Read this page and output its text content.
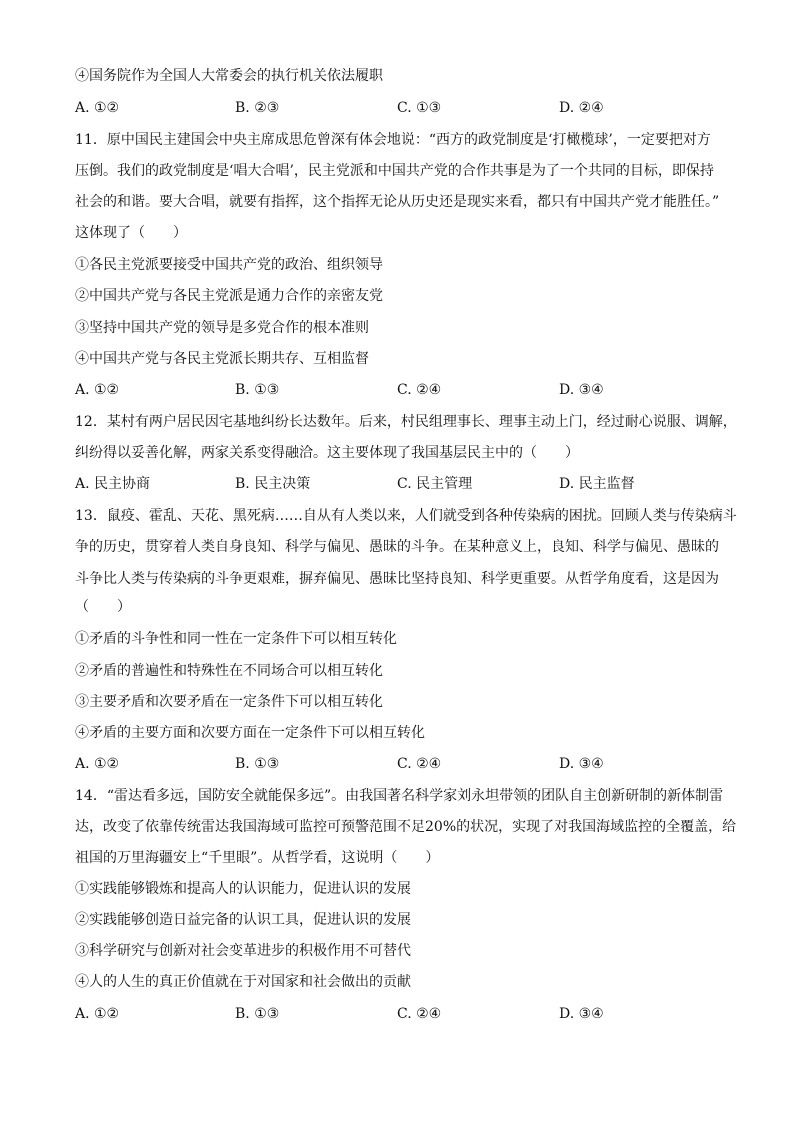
④国务院作为全国人大常委会的执行机关依法履职
A. ①②	B. ②③	C. ①③	D. ②④
11．原中国民主建国会中央主席成思危曾深有体会地说：“西方的政党制度是‘打橄榄球’，一定要把对方
压倒。我们的政党制度是‘唱大合唱’，民主党派和中国共产党的合作共事是为了一个共同的目标，即保持
社会的和谐。要大合唱，就要有指挥，这个指挥无论从历史还是现实来看，都只有中国共产党才能胜任。”
这体现了（　　）
①各民主党派要接受中国共产党的政治、组织领导
②中国共产党与各民主党派是通力合作的亲密友党
③坚持中国共产党的领导是多党合作的根本准则
④中国共产党与各民主党派长期共存、互相监督
A. ①②	B. ①③	C. ②④	D. ③④
12．某村有两户居民因宅基地纠纷长达数年。后来，村民组理事长、理事主动上门，经过耐心说服、调解，
纠纷得以妥善化解，两家关系变得融洽。这主要体现了我国基层民主中的（　　）
A. 民主协商	B. 民主决策	C. 民主管理	D. 民主监督
13．鼠疫、霍乱、天花、黑死病……自从有人类以来，人们就受到各种传染病的困扰。回顾人类与传染病斗
争的历史，贯穿着人类自身良知、科学与偏见、愚昧的斗争。在某种意义上，良知、科学与偏见、愚昧的
斗争比人类与传染病的斗争更艰难，摒弃偏见、愚昧比坚持良知、科学更重要。从哲学角度看，这是因为
（　　）
①矛盾的斗争性和同一性在一定条件下可以相互转化
②矛盾的普遍性和特殊性在不同场合可以相互转化
③主要矛盾和次要矛盾在一定条件下可以相互转化
④矛盾的主要方面和次要方面在一定条件下可以相互转化
A. ①②	B. ①③	C. ②④	D. ③④
14．“雷达看多远，国防安全就能保多远”。由我国著名科学家刘永坦带领的团队自主创新研制的新体制雷
达，改变了依靠传统雷达我国海域可监控可预警范围不足20%的状况，实现了对我国海域监控的全覆盖，给
祖国的万里海疆安上“千里眼”。从哲学看，这说明（　　）
①实践能够锻炼和提高人的认识能力，促进认识的发展
②实践能够创造日益完备的认识工具，促进认识的发展
③科学研究与创新对社会变革进步的积极作用不可替代
④人的人生的真正价值就在于对国家和社会做出的贡献
A. ①②	B. ①③	C. ②④	D. ③④
